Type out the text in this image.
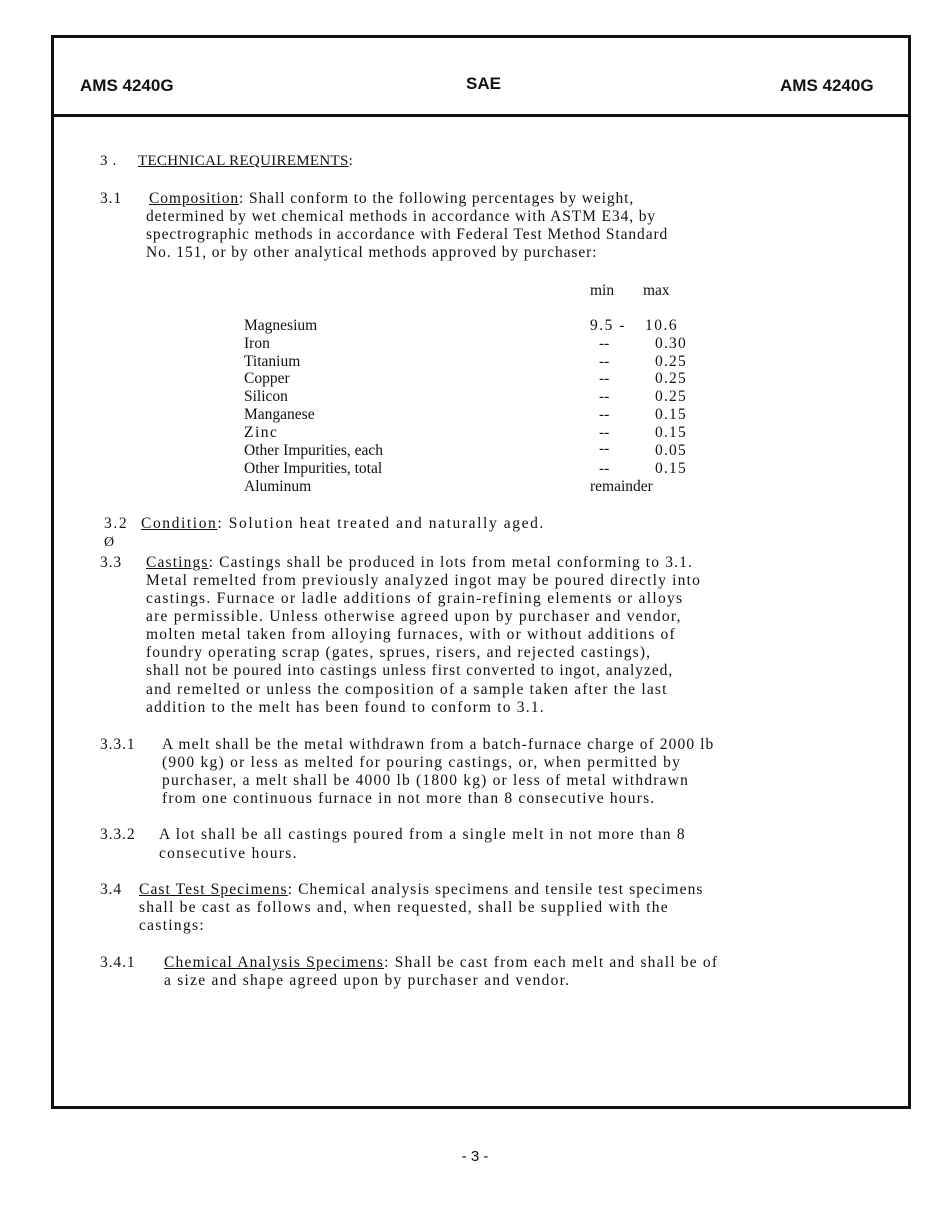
AMS 4240G	SAE	AMS 4240G
3 . TECHNICAL REQUIREMENTS:
3.1 Composition: Shall conform to the following percentages by weight,
determined by wet chemical methods in accordance with ASTM E34, by
spectrographic methods in accordance with Federal Test Method Standard
No. 151, or by other analytical methods approved by purchaser:
min max
Magnesium	9.5 - 10.6
Iron	--	0.30
Titanium	--	0.25
Copper	--	0.25
Silicon	--	0.25
Manganese	--	0.15
Zinc	--	0.15
Other Impurities, each	--	0.05
Other Impurities, total	--	0.15
Aluminum	remainder
3.2 Condition: Solution heat treated and naturally aged.
Ø
3.3 Castings: Castings shall be produced in lots from metal conforming to 3.1.
Metal remelted from previously analyzed ingot may be poured directly into
castings. Furnace or ladle additions of grain-refining elements or alloys
are permissible. Unless otherwise agreed upon by purchaser and vendor,
molten metal taken from alloying furnaces, with or without additions of
foundry operating scrap (gates, sprues, risers, and rejected castings),
shall not be poured into castings unless first converted to ingot, analyzed,
and remelted or unless the composition of a sample taken after the last
addition to the melt has been found to conform to 3.1.
3.3.1 A melt shall be the metal withdrawn from a batch-furnace charge of 2000 lb
(900 kg) or less as melted for pouring castings, or, when permitted by
purchaser, a melt shall be 4000 lb (1800 kg) or less of metal withdrawn
from one continuous furnace in not more than 8 consecutive hours.
3.3.2 A lot shall be all castings poured from a single melt in not more than 8
consecutive hours.
3.4 Cast Test Specimens: Chemical analysis specimens and tensile test specimens
shall be cast as follows and, when requested, shall be supplied with the
castings:
3.4.1 Chemical Analysis Specimens: Shall be cast from each melt and shall be of
a size and shape agreed upon by purchaser and vendor.
- 3 -
